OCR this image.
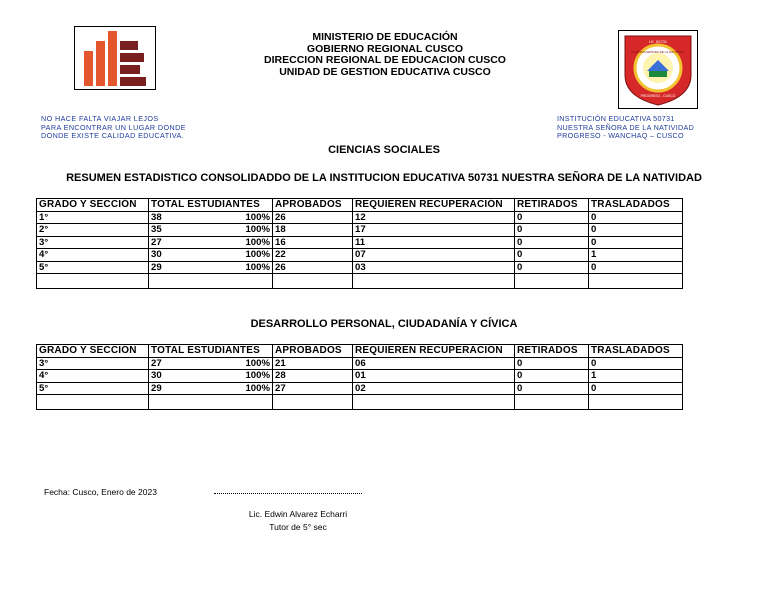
MINISTERIO DE EDUCACIÓN
GOBIERNO REGIONAL CUSCO
DIRECCION REGIONAL DE EDUCACION CUSCO
UNIDAD DE GESTION EDUCATIVA CUSCO
I.E. 50731
NUESTRA SEÑORA DE LA NATIVIDAD
PROGRESO - CUSCO
NO HACE FALTA VIAJAR LEJOS
PARA ENCONTRAR UN LUGAR DONDE
DONDE EXISTE CALIDAD EDUCATIVA.
INSTITUCIÓN EDUCATIVA 50731
NUESTRA SEÑORA DE LA NATIVIDAD
PROGRESO - WANCHAQ – CUSCO
CIENCIAS SOCIALES
RESUMEN ESTADISTICO CONSOLIDADDO DE LA INSTITUCION EDUCATIVA 50731 NUESTRA SEÑORA DE LA NATIVIDAD
GRADO Y SECCIÓN	TOTAL ESTUDIANTES	APROBADOS	REQUIEREN RECUPERACIÓN	RETIRADOS	TRASLADADOS
1°	38 100%	26	12	0	0
2°	35 100%	18	17	0	0
3°	27 100%	16	11	0	0
4°	30 100%	22	07	0	1
5°	29 100%	26	03	0	0

DESARROLLO PERSONAL, CIUDADANÍA Y CÍVICA
GRADO Y SECCIÓN	TOTAL ESTUDIANTES	APROBADOS	REQUIEREN RECUPERACIÓN	RETIRADOS	TRASLADADOS
3°	27 100%	21	06	0	0
4°	30 100%	28	01	0	1
5°	29 100%	27	02	0	0

Fecha: Cusco, Enero de 2023
Lic. Edwin Alvarez Echarri
Tutor de 5° sec
